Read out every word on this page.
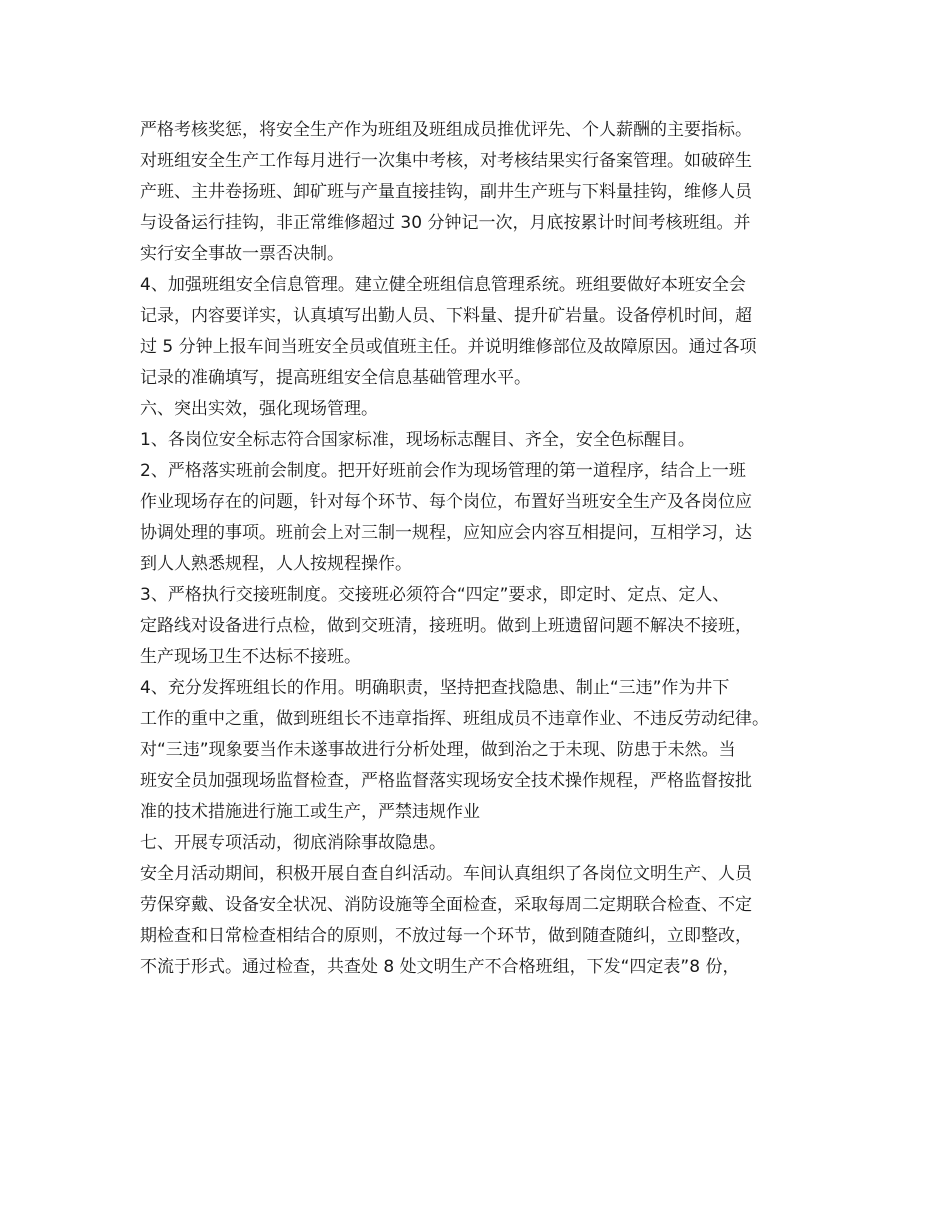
严格考核奖惩，将安全生产作为班组及班组成员推优评先、个人薪酬的主要指标。

对班组安全生产工作每月进行一次集中考核，对考核结果实行备案管理。如破碎生

产班、主井卷扬班、卸矿班与产量直接挂钩，副井生产班与下料量挂钩，维修人员

与设备运行挂钩，非正常维修超过 30 分钟记一次，月底按累计时间考核班组。并

实行安全事故一票否决制。

4、加强班组安全信息管理。建立健全班组信息管理系统。班组要做好本班安全会

记录，内容要详实，认真填写出勤人员、下料量、提升矿岩量。设备停机时间，超

过 5 分钟上报车间当班安全员或值班主任。并说明维修部位及故障原因。通过各项

记录的准确填写，提高班组安全信息基础管理水平。

六、突出实效，强化现场管理。

1、各岗位安全标志符合国家标准，现场标志醒目、齐全，安全色标醒目。

2、严格落实班前会制度。把开好班前会作为现场管理的第一道程序，结合上一班

作业现场存在的问题，针对每个环节、每个岗位，布置好当班安全生产及各岗位应

协调处理的事项。班前会上对三制一规程，应知应会内容互相提问，互相学习，达

到人人熟悉规程，人人按规程操作。

3、严格执行交接班制度。交接班必须符合“四定”要求，即定时、定点、定人、

定路线对设备进行点检，做到交班清，接班明。做到上班遗留问题不解决不接班，

生产现场卫生不达标不接班。

4、充分发挥班组长的作用。明确职责，坚持把查找隐患、制止“三违”作为井下

工作的重中之重，做到班组长不违章指挥、班组成员不违章作业、不违反劳动纪律。

对“三违”现象要当作未遂事故进行分析处理，做到治之于未现、防患于未然。当

班安全员加强现场监督检查，严格监督落实现场安全技术操作规程，严格监督按批

准的技术措施进行施工或生产，严禁违规作业

七、开展专项活动，彻底消除事故隐患。

安全月活动期间，积极开展自查自纠活动。车间认真组织了各岗位文明生产、人员

劳保穿戴、设备安全状况、消防设施等全面检查，采取每周二定期联合检查、不定

期检查和日常检查相结合的原则，不放过每一个环节，做到随查随纠，立即整改，

不流于形式。通过检查，共查处 8 处文明生产不合格班组，下发“四定表”8 份，
